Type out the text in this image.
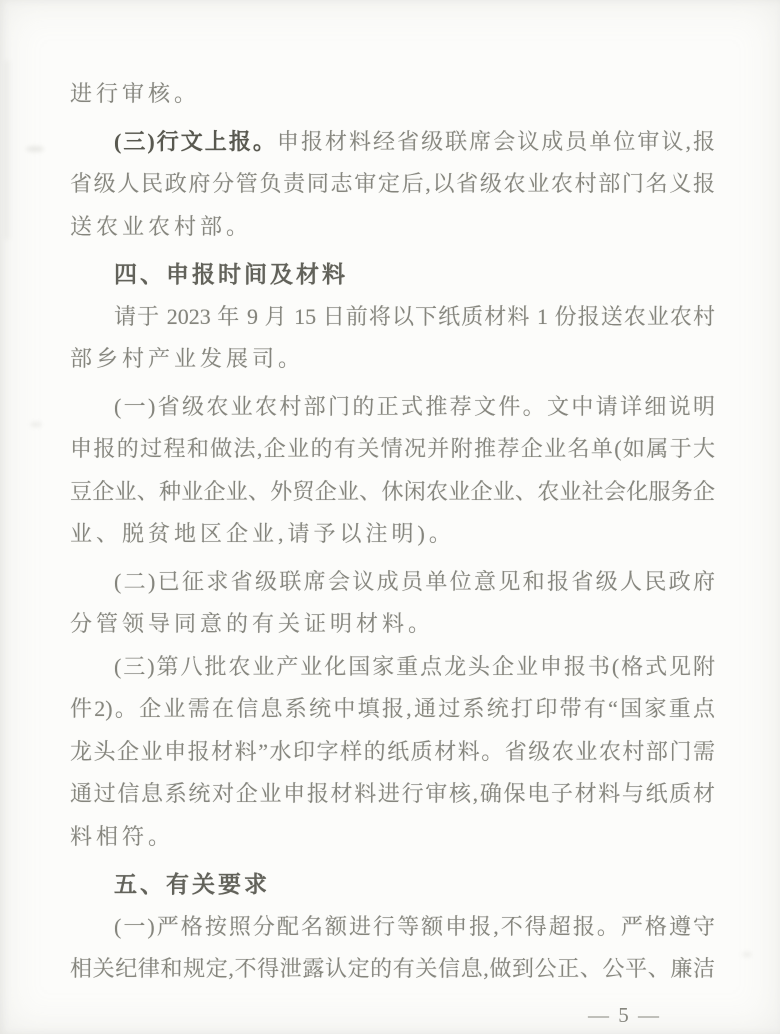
进行审核。
(三)行文上报。申报材料经省级联席会议成员单位审议,报
省级人民政府分管负责同志审定后,以省级农业农村部门名义报
送农业农村部。
四、申报时间及材料
请于 2023 年 9 月 15 日前将以下纸质材料 1 份报送农业农村
部乡村产业发展司。
(一)省级农业农村部门的正式推荐文件。文中请详细说明
申报的过程和做法,企业的有关情况并附推荐企业名单(如属于大
豆企业、种业企业、外贸企业、休闲农业企业、农业社会化服务企
业、脱贫地区企业,请予以注明)。
(二)已征求省级联席会议成员单位意见和报省级人民政府
分管领导同意的有关证明材料。
(三)第八批农业产业化国家重点龙头企业申报书(格式见附
件2)。企业需在信息系统中填报,通过系统打印带有“国家重点
龙头企业申报材料”水印字样的纸质材料。省级农业农村部门需
通过信息系统对企业申报材料进行审核,确保电子材料与纸质材
料相符。
五、有关要求
(一)严格按照分配名额进行等额申报,不得超报。严格遵守
相关纪律和规定,不得泄露认定的有关信息,做到公正、公平、廉洁
— 5 —
